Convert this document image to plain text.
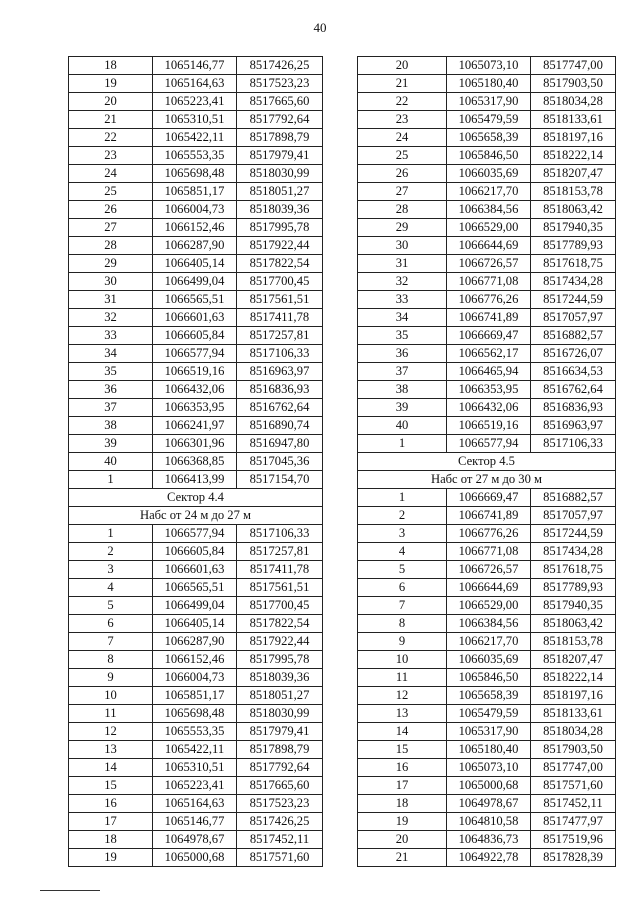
40
18	1065146,77	8517426,25
19	1065164,63	8517523,23
20	1065223,41	8517665,60
21	1065310,51	8517792,64
22	1065422,11	8517898,79
23	1065553,35	8517979,41
24	1065698,48	8518030,99
25	1065851,17	8518051,27
26	1066004,73	8518039,36
27	1066152,46	8517995,78
28	1066287,90	8517922,44
29	1066405,14	8517822,54
30	1066499,04	8517700,45
31	1066565,51	8517561,51
32	1066601,63	8517411,78
33	1066605,84	8517257,81
34	1066577,94	8517106,33
35	1066519,16	8516963,97
36	1066432,06	8516836,93
37	1066353,95	8516762,64
38	1066241,97	8516890,74
39	1066301,96	8516947,80
40	1066368,85	8517045,36
1	1066413,99	8517154,70
Сектор 4.4		
Набс от 24 м до 27 м		
1	1066577,94	8517106,33
2	1066605,84	8517257,81
3	1066601,63	8517411,78
4	1066565,51	8517561,51
5	1066499,04	8517700,45
6	1066405,14	8517822,54
7	1066287,90	8517922,44
8	1066152,46	8517995,78
9	1066004,73	8518039,36
10	1065851,17	8518051,27
11	1065698,48	8518030,99
12	1065553,35	8517979,41
13	1065422,11	8517898,79
14	1065310,51	8517792,64
15	1065223,41	8517665,60
16	1065164,63	8517523,23
17	1065146,77	8517426,25
18	1064978,67	8517452,11
19	1065000,68	8517571,60
20	1065073,10	8517747,00
21	1065180,40	8517903,50
22	1065317,90	8518034,28
23	1065479,59	8518133,61
24	1065658,39	8518197,16
25	1065846,50	8518222,14
26	1066035,69	8518207,47
27	1066217,70	8518153,78
28	1066384,56	8518063,42
29	1066529,00	8517940,35
30	1066644,69	8517789,93
31	1066726,57	8517618,75
32	1066771,08	8517434,28
33	1066776,26	8517244,59
34	1066741,89	8517057,97
35	1066669,47	8516882,57
36	1066562,17	8516726,07
37	1066465,94	8516634,53
38	1066353,95	8516762,64
39	1066432,06	8516836,93
40	1066519,16	8516963,97
1	1066577,94	8517106,33
Сектор 4.5		
Набс от 27 м до 30 м		
1	1066669,47	8516882,57
2	1066741,89	8517057,97
3	1066776,26	8517244,59
4	1066771,08	8517434,28
5	1066726,57	8517618,75
6	1066644,69	8517789,93
7	1066529,00	8517940,35
8	1066384,56	8518063,42
9	1066217,70	8518153,78
10	1066035,69	8518207,47
11	1065846,50	8518222,14
12	1065658,39	8518197,16
13	1065479,59	8518133,61
14	1065317,90	8518034,28
15	1065180,40	8517903,50
16	1065073,10	8517747,00
17	1065000,68	8517571,60
18	1064978,67	8517452,11
19	1064810,58	8517477,97
20	1064836,73	8517519,96
21	1064922,78	8517828,39
